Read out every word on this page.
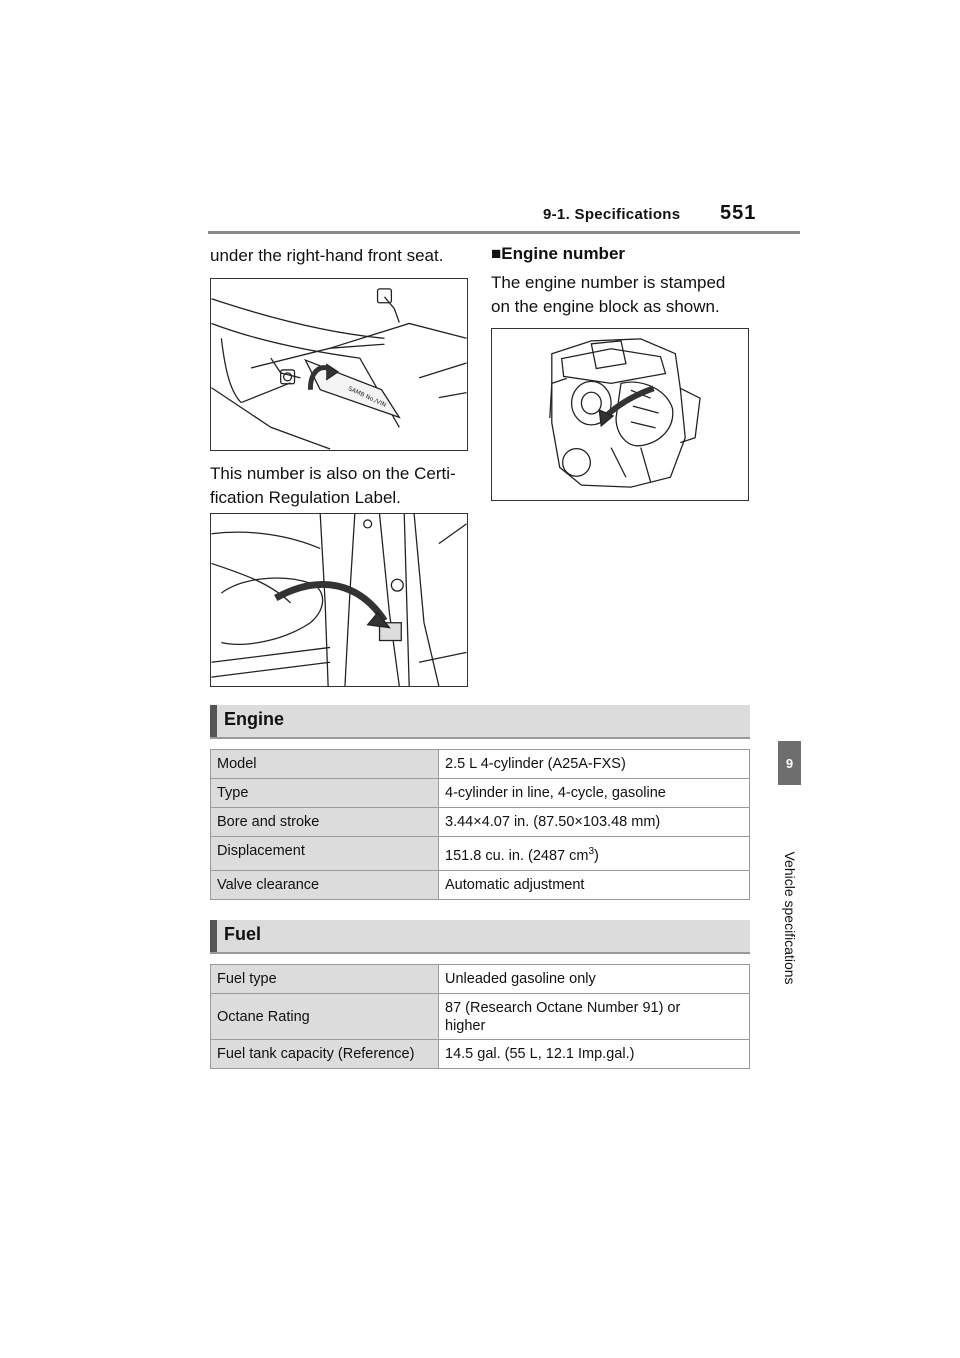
9-1. Specifications 551
9
Vehicle specifications
under the right-hand front seat.
SAMB No./VIN
This number is also on the Certi-
fication Regulation Label.
■Engine number
The engine number is stamped
on the engine block as shown.
Engine
Model	2.5 L 4-cylinder (A25A-FXS)
Type	4-cylinder in line, 4-cycle, gasoline
Bore and stroke	3.44×4.07 in. (87.50×103.48 mm)
Displacement	151.8 cu. in. (2487 $cm^3$)
Valve clearance	Automatic adjustment
Fuel
Fuel type	Unleaded gasoline only
Octane Rating	87 (Research Octane Number 91) or
higher

Fuel tank capacity (Reference)	14.5 gal. (55 L, 12.1 Imp.gal.)
